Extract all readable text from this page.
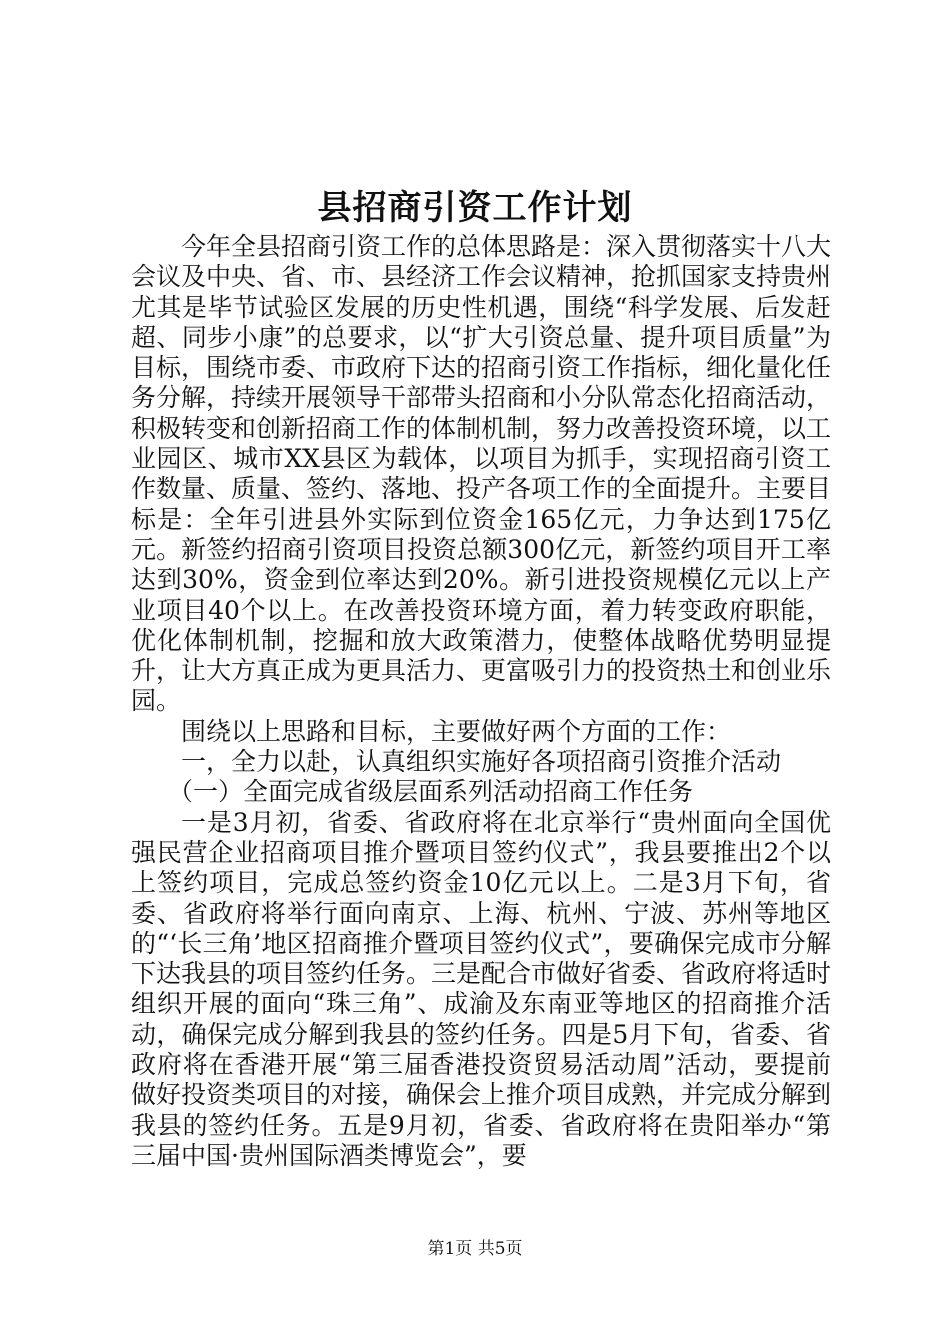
县招商引资工作计划

今年全县招商引资工作的总体思路是：深入贯彻落实十八大会议及中央、省、市、县经济工作会议精神，抢抓国家支持贵州尤其是毕节试验区发展的历史性机遇，围绕“科学发展、后发赶超、同步小康”的总要求，以“扩大引资总量、提升项目质量”为目标，围绕市委、市政府下达的招商引资工作指标，细化量化任务分解，持续开展领导干部带头招商和小分队常态化招商活动，积极转变和创新招商工作的体制机制，努力改善投资环境，以工业园区、城市XX县区为载体，以项目为抓手，实现招商引资工作数量、质量、签约、落地、投产各项工作的全面提升。主要目标是：全年引进县外实际到位资金165亿元，力争达到175亿元。新签约招商引资项目投资总额300亿元，新签约项目开工率达到30%，资金到位率达到20%。新引进投资规模亿元以上产业项目40个以上。在改善投资环境方面，着力转变政府职能，优化体制机制，挖掘和放大政策潜力，使整体战略优势明显提升，让大方真正成为更具活力、更富吸引力的投资热土和创业乐园。

围绕以上思路和目标，主要做好两个方面的工作：

一，全力以赴，认真组织实施好各项招商引资推介活动

（一）全面完成省级层面系列活动招商工作任务

一是3月初，省委、省政府将在北京举行“贵州面向全国优强民营企业招商项目推介暨项目签约仪式”，我县要推出2个以上签约项目，完成总签约资金10亿元以上。二是3月下旬，省委、省政府将举行面向南京、上海、杭州、宁波、苏州等地区的“‘长三角’地区招商推介暨项目签约仪式”，要确保完成市分解下达我县的项目签约任务。三是配合市做好省委、省政府将适时组织开展的面向“珠三角”、成渝及东南亚等地区的招商推介活动，确保完成分解到我县的签约任务。四是5月下旬，省委、省政府将在香港开展“第三届香港投资贸易活动周”活动，要提前做好投资类项目的对接，确保会上推介项目成熟，并完成分解到我县的签约任务。五是9月初，省委、省政府将在贵阳举办“第三届中国·贵州国际酒类博览会”，要

第1页 共5页
